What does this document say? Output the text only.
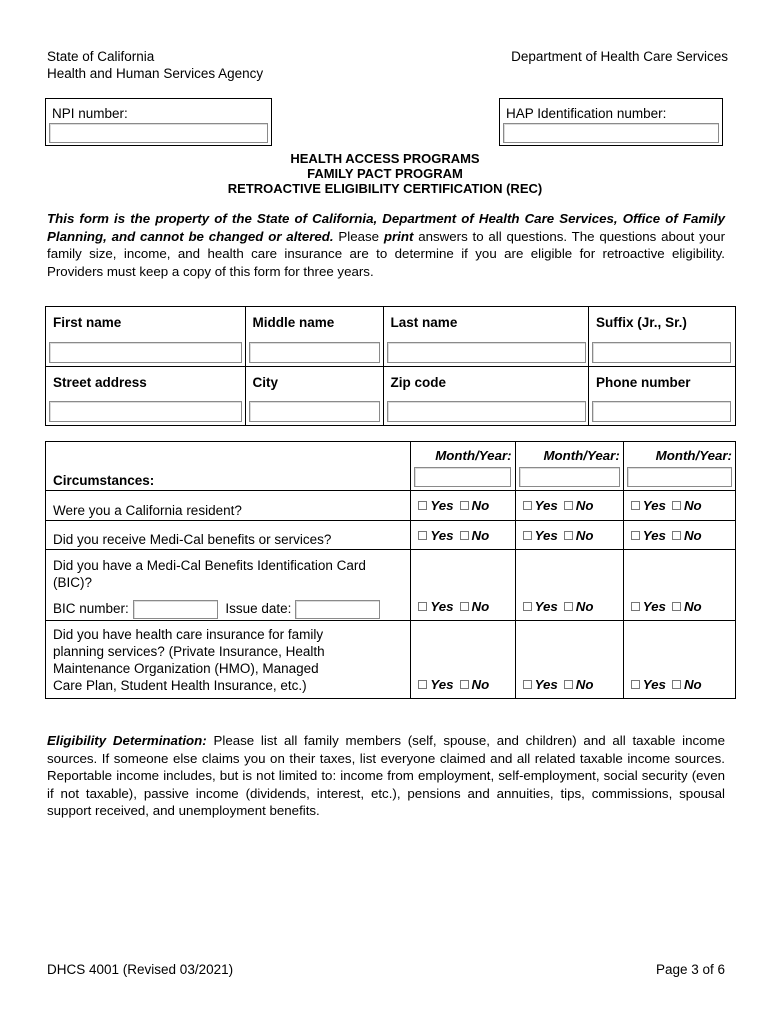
State of California
Health and Human Services Agency
Department of Health Care Services
NPI number:	HAP Identification number:
HEALTH ACCESS PROGRAMS
FAMILY PACT PROGRAM
RETROACTIVE ELIGIBILITY CERTIFICATION (REC)
This form is the property of the State of California, Department of Health Care Services, Office of Family Planning, and cannot be changed or altered. Please print answers to all questions. The questions about your family size, income, and health care insurance are to determine if you are eligible for retroactive eligibility. Providers must keep a copy of this form for three years.
First name	Middle name	Last name	Suffix (Jr., Sr.)

Street address	City	Zip code	Phone number
Circumstances:	Month/Year:	Month/Year:	Month/Year:

Were you a California resident?	Yes No	Yes No	Yes No

Did you receive Medi-Cal benefits or services?	Yes No	Yes No	Yes No

Did you have a Medi-Cal Benefits Identification Card (BIC)?
BIC number: Issue date:	Yes No	Yes No	Yes No

Did you have health care insurance for family planning services? (Private Insurance, Health Maintenance Organization (HMO), Managed Care Plan, Student Health Insurance, etc.)	Yes No	Yes No	Yes No
Eligibility Determination: Please list all family members (self, spouse, and children) and all taxable income sources. If someone else claims you on their taxes, list everyone claimed and all related taxable income sources. Reportable income includes, but is not limited to: income from employment, self-employment, social security (even if not taxable), passive income (dividends, interest, etc.), pensions and annuities, tips, commissions, spousal support received, and unemployment benefits.
DHCS 4001 (Revised 03/2021)	Page 3 of 6
